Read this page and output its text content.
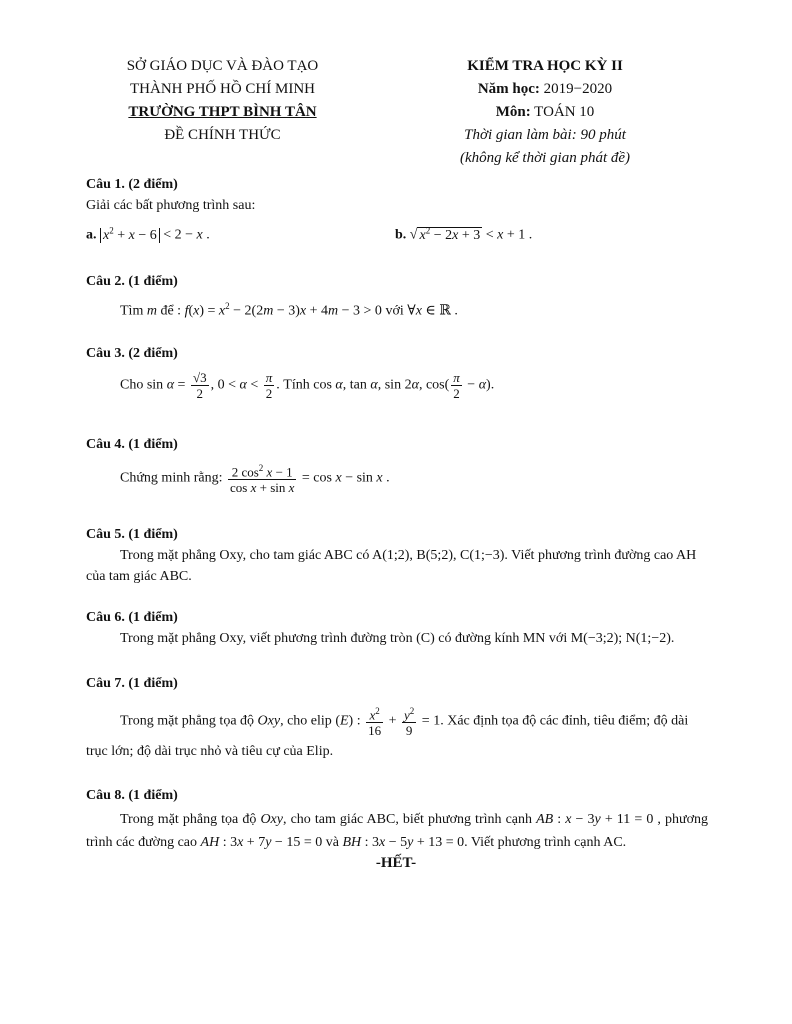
SỞ GIÁO DỤC VÀ ĐÀO TẠO
THÀNH PHỐ HỒ CHÍ MINH
TRƯỜNG THPT BÌNH TÂN
ĐỀ CHÍNH THỨC
KIỂM TRA HỌC KỲ II
Năm học: 2019−2020
Môn: TOÁN 10
Thời gian làm bài: 90 phút
(không kể thời gian phát đề)
Câu 1. (2 điểm)
Giải các bất phương trình sau:
a. $x^2 + x - 6 < 2 - x$ .	b. √ $x^2 - 2x + 3 < x + 1$ .
Câu 2. (1 điểm)
Tìm m để : $f(x) = x^2 - 2(2m - 3)x + 4m - 3 > 0$ với ∀x ∈ ℝ .
Câu 3. (2 điểm)
Cho $\sin \alpha = \frac{√3}{2}$ , $0 < \alpha < \frac{\pi}{2}$ . Tính cos α, tan α, sin 2α, $\cos( \frac{\pi}{2} - \alpha)$.
Câu 4. (1 điểm)
Chứng minh rằng: $\frac{2 \cos^2 x - 1}{\text{cos x + sin x}} = \cos x - \sin x$ .
Câu 5. (1 điểm)
Trong mặt phẳng Oxy, cho tam giác ABC có A(1;2), B(5;2), C(1;−3). Viết phương trình đường cao AH của tam giác ABC.
Câu 6. (1 điểm)
Trong mặt phẳng Oxy, viết phương trình đường tròn (C) có đường kính MN với M(−3;2); N(1;−2).
Câu 7. (1 điểm)
Trong mặt phẳng tọa độ Oxy, cho elip (E) : $\frac{x^2}{16} + \frac{y^2}{9} = 1$. Xác định tọa độ các đỉnh, tiêu điểm; độ dài trục lớn; độ dài trục nhỏ và tiêu cự của Elip.
Câu 8. (1 điểm)
Trong mặt phẳng tọa độ Oxy, cho tam giác ABC, biết phương trình cạnh AB : x − 3y + 11 = 0 , phương trình các đường cao AH : 3x + 7y − 15 = 0 và BH : 3x − 5y + 13 = 0. Viết phương trình cạnh AC.
-HẾT-
